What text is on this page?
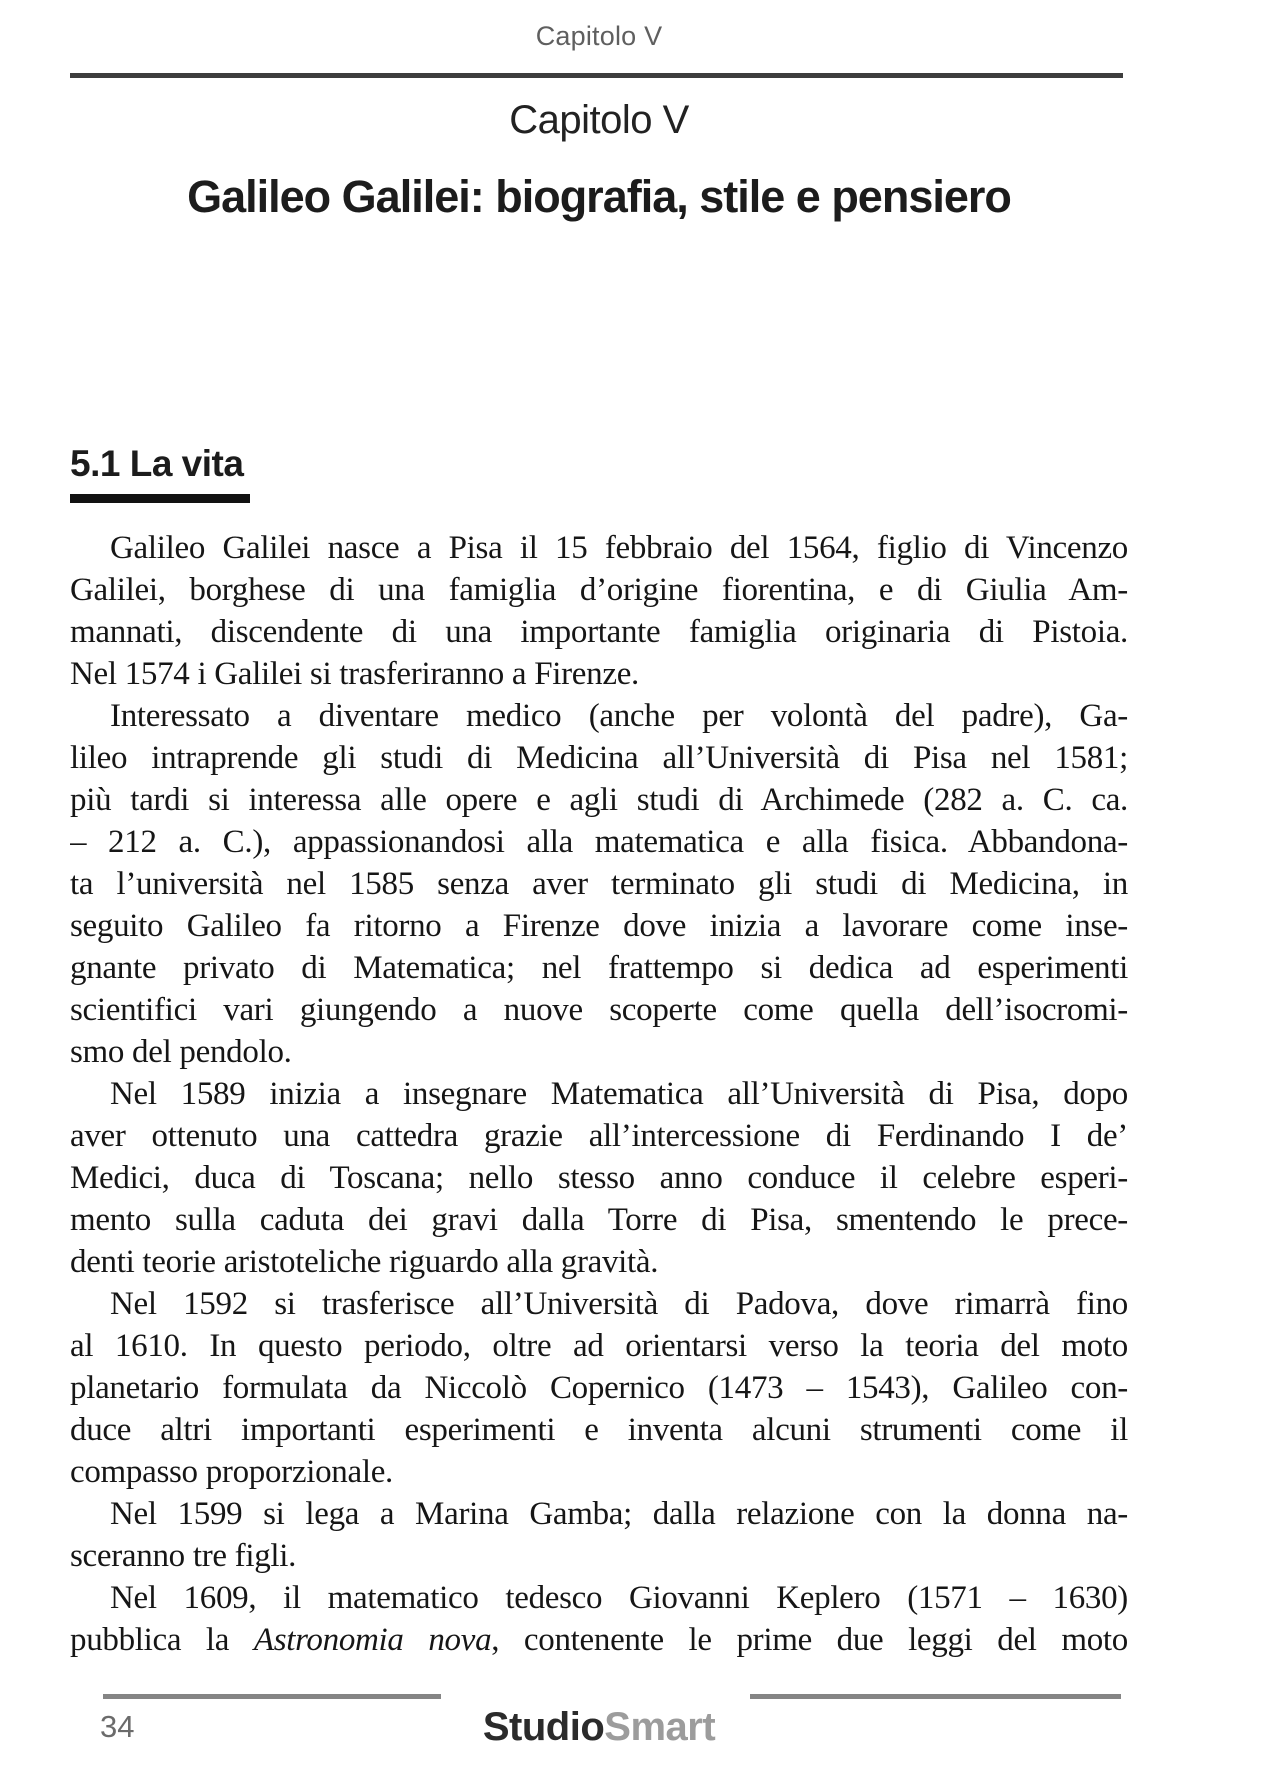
Capitolo V
Capitolo V
Galileo Galilei: biografia, stile e pensiero
5.1 La vita
Galileo Galilei nasce a Pisa il 15 febbraio del 1564, figlio di Vincenzo
Galilei, borghese di una famiglia d’origine fiorentina, e di Giulia Am-
mannati, discendente di una importante famiglia originaria di Pistoia.
Nel 1574 i Galilei si trasferiranno a Firenze.
Interessato a diventare medico (anche per volontà del padre), Ga-
lileo intraprende gli studi di Medicina all’Università di Pisa nel 1581;
più tardi si interessa alle opere e agli studi di Archimede (282 a. C. ca.
– 212 a. C.), appassionandosi alla matematica e alla fisica. Abbandona-
ta l’università nel 1585 senza aver terminato gli studi di Medicina, in
seguito Galileo fa ritorno a Firenze dove inizia a lavorare come inse-
gnante privato di Matematica; nel frattempo si dedica ad esperimenti
scientifici vari giungendo a nuove scoperte come quella dell’isocromi-
smo del pendolo.
Nel 1589 inizia a insegnare Matematica all’Università di Pisa, dopo
aver ottenuto una cattedra grazie all’intercessione di Ferdinando I de’
Medici, duca di Toscana; nello stesso anno conduce il celebre esperi-
mento sulla caduta dei gravi dalla Torre di Pisa, smentendo le prece-
denti teorie aristoteliche riguardo alla gravità.
Nel 1592 si trasferisce all’Università di Padova, dove rimarrà fino
al 1610. In questo periodo, oltre ad orientarsi verso la teoria del moto
planetario formulata da Niccolò Copernico (1473 – 1543), Galileo con-
duce altri importanti esperimenti e inventa alcuni strumenti come il
compasso proporzionale.
Nel 1599 si lega a Marina Gamba; dalla relazione con la donna na-
sceranno tre figli.
Nel 1609, il matematico tedesco Giovanni Keplero (1571 – 1630)
pubblica la Astronomia nova, contenente le prime due leggi del moto
34	StudioSmart
